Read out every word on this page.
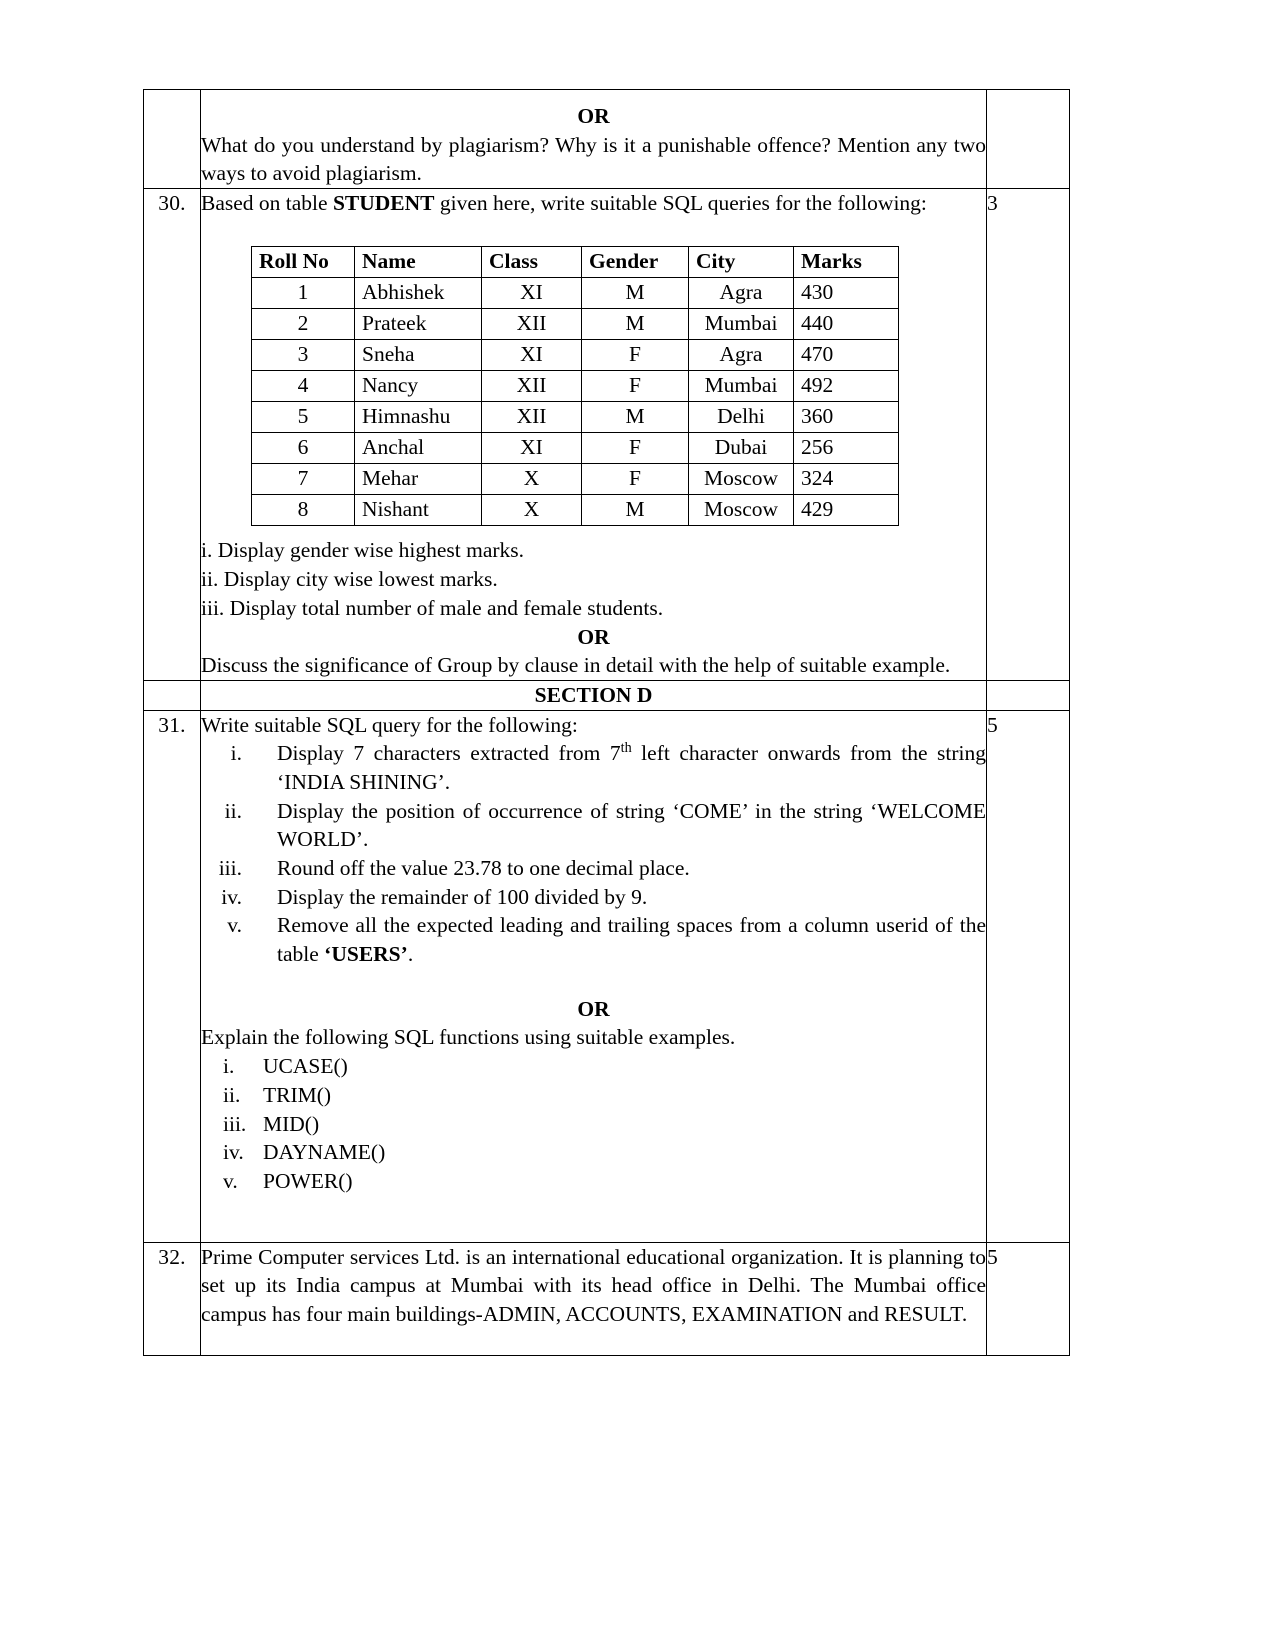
OR

What do you understand by plagiarism? Why is it a punishable offence? Mention any two ways to avoid plagiarism.

30.	Based on table STUDENT given here, write suitable SQL queries for the following:

Roll No	Name	Class	Gender	City	Marks
1	Abhishek	XI	M	Agra	430
2	Prateek	XII	M	Mumbai	440
3	Sneha	XI	F	Agra	470
4	Nancy	XII	F	Mumbai	492
5	Himnashu	XII	M	Delhi	360
6	Anchal	XI	F	Dubai	256
7	Mehar	X	F	Moscow	324
8	Nishant	X	M	Moscow	429

i. Display gender wise highest marks.

ii. Display city wise lowest marks.

iii. Display total number of male and female students.

OR

Discuss the significance of Group by clause in detail with the help of suitable example.

	3

SECTION D

31.	Write suitable SQL query for the following:

i.	Display 7 characters extracted from 7th left character onwards from the string ‘INDIA SHINING’.
ii.	Display the position of occurrence of string ‘COME’ in the string ‘WELCOME WORLD’.
iii.	Round off the value 23.78 to one decimal place.
iv.	Display the remainder of 100 divided by 9.
v.	Remove all the expected leading and trailing spaces from a column userid of the table ‘USERS’.

OR

Explain the following SQL functions using suitable examples.

i.	UCASE()
ii.	TRIM()
iii. MID()
iv. DAYNAME()
v.	POWER()
	5
32.	Prime Computer services Ltd. is an international educational organization. It is planning to set up its India campus at Mumbai with its head office in Delhi. The Mumbai office campus has four main buildings-ADMIN, ACCOUNTS, EXAMINATION and RESULT.

	5
